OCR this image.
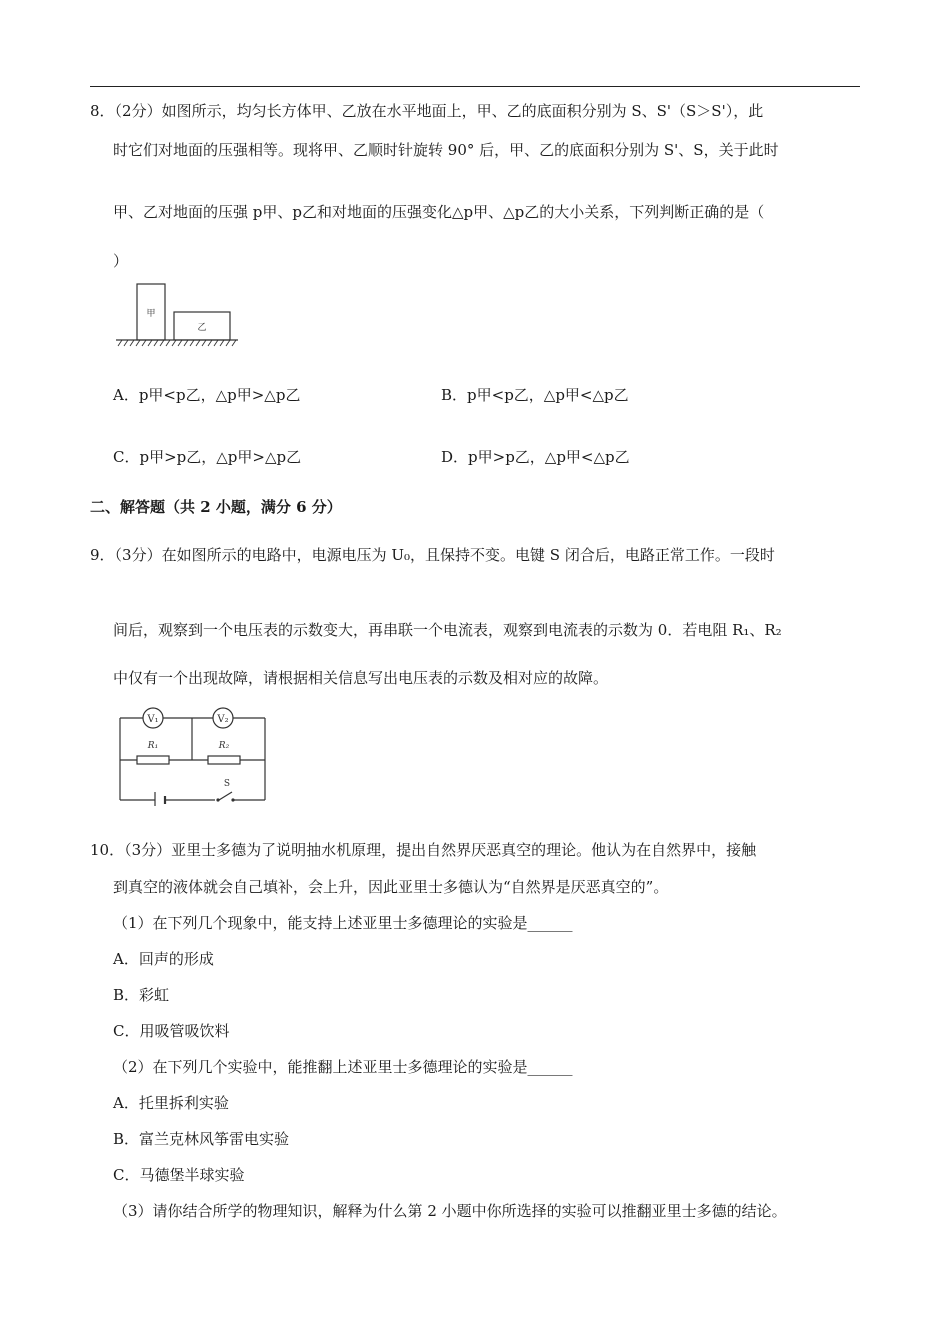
8．（2分）如图所示，均匀长方体甲、乙放在水平地面上，甲、乙的底面积分别为 S、S'（S＞S'），此
时它们对地面的压强相等。现将甲、乙顺时针旋转 90° 后，甲、乙的底面积分别为 S'、S，关于此时
甲、乙对地面的压强 p甲、p乙和对地面的压强变化△p甲、△p乙的大小关系，下列判断正确的是（
）
甲
乙
A．p甲<p乙，△p甲>△p乙	B．p甲<p乙，△p甲<△p乙
C．p甲>p乙，△p甲>△p乙	D．p甲>p乙，△p甲<△p乙
二、解答题（共 2 小题，满分 6 分）
9．（3分）在如图所示的电路中，电源电压为 U₀，且保持不变。电键 S 闭合后，电路正常工作。一段时
间后，观察到一个电压表的示数变大，再串联一个电流表，观察到电流表的示数为 0．若电阻 R₁、R₂
中仅有一个出现故障，请根据相关信息写出电压表的示数及相对应的故障。
V₁	V₂
R₁	R₂
S
10．（3分）亚里士多德为了说明抽水机原理，提出自然界厌恶真空的理论。他认为在自然界中，接触
到真空的液体就会自己填补，会上升，因此亚里士多德认为“自然界是厌恶真空的”。
（1）在下列几个现象中，能支持上述亚里士多德理论的实验是______
A．回声的形成
B．彩虹
C．用吸管吸饮料
（2）在下列几个实验中，能推翻上述亚里士多德理论的实验是______
A．托里拆利实验
B．富兰克林风筝雷电实验
C．马德堡半球实验
（3）请你结合所学的物理知识，解释为什么第 2 小题中你所选择的实验可以推翻亚里士多德的结论。
